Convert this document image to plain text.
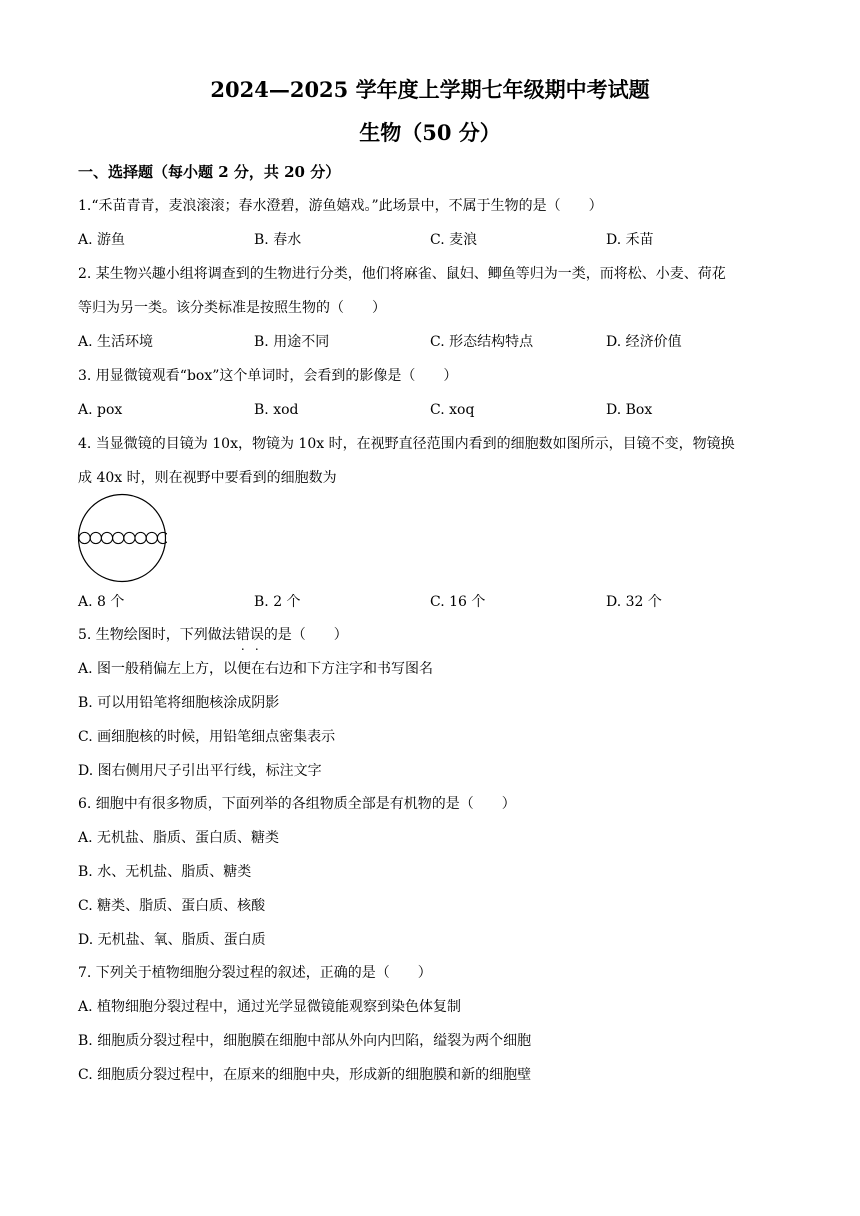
2024—2025 学年度上学期七年级期中考试题
生物（50 分）
一、选择题（每小题 2 分，共 20 分）
1.“禾苗青青，麦浪滚滚；春水澄碧，游鱼嬉戏。”此场景中，不属于生物的是（　　）
A. 游鱼	B. 春水	C. 麦浪	D. 禾苗
2. 某生物兴趣小组将调查到的生物进行分类，他们将麻雀、鼠妇、鲫鱼等归为一类，而将松、小麦、荷花
等归为另一类。该分类标准是按照生物的（　　）
A. 生活环境	B. 用途不同	C. 形态结构特点	D. 经济价值
3. 用显微镜观看“box”这个单词时，会看到的影像是（　　）
A. pox	B. xod	C. xoq	D. Box
4. 当显微镜的目镜为 10x，物镜为 10x 时，在视野直径范围内看到的细胞数如图所示，目镜不变，物镜换
成 40x 时，则在视野中要看到的细胞数为
A. 8 个	B. 2 个	C. 16 个	D. 32 个
5. 生物绘图时，下列做法错误的是（　　）
A. 图一般稍偏左上方，以便在右边和下方注字和书写图名
B. 可以用铅笔将细胞核涂成阴影
C. 画细胞核的时候，用铅笔细点密集表示
D. 图右侧用尺子引出平行线，标注文字
6. 细胞中有很多物质，下面列举的各组物质全部是有机物的是（　　）
A. 无机盐、脂质、蛋白质、糖类
B. 水、无机盐、脂质、糖类
C. 糖类、脂质、蛋白质、核酸
D. 无机盐、氧、脂质、蛋白质
7. 下列关于植物细胞分裂过程的叙述，正确的是（　　）
A. 植物细胞分裂过程中，通过光学显微镜能观察到染色体复制
B. 细胞质分裂过程中，细胞膜在细胞中部从外向内凹陷，缢裂为两个细胞
C. 细胞质分裂过程中，在原来的细胞中央，形成新的细胞膜和新的细胞壁
